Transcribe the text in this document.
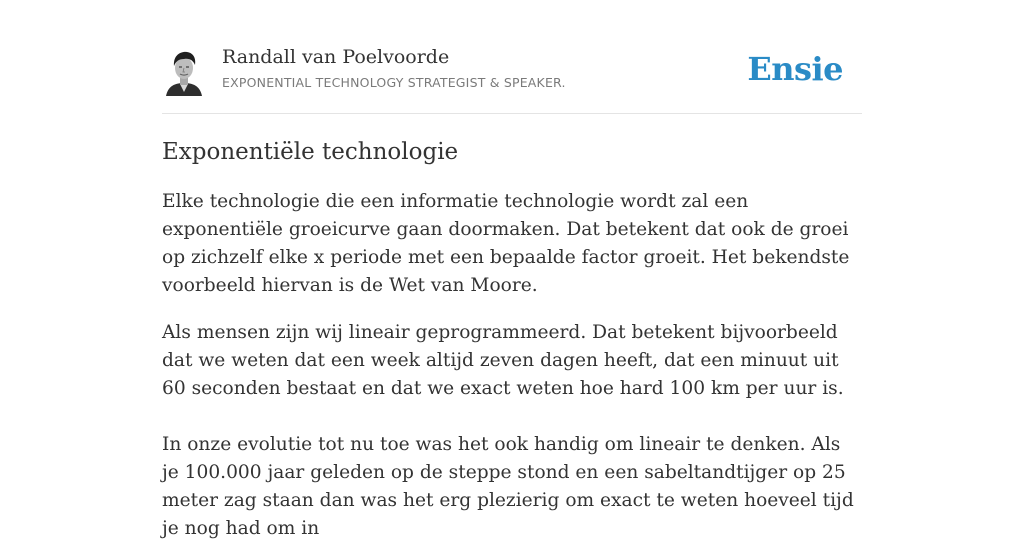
Randall van Poelvoorde
EXPONENTIAL TECHNOLOGY STRATEGIST & SPEAKER.	Ensie
Exponentiële technologie

Elke technologie die een informatie technologie wordt zal een exponentiële groeicurve gaan doormaken. Dat betekent dat ook de groei op zichzelf elke x periode met een bepaalde factor groeit. Het bekendste voorbeeld hiervan is de Wet van Moore.

Als mensen zijn wij lineair geprogrammeerd. Dat betekent bijvoorbeeld dat we weten dat een week altijd zeven dagen heeft, dat een minuut uit 60 seconden bestaat en dat we exact weten hoe hard 100 km per uur is.

In onze evolutie tot nu toe was het ook handig om lineair te denken. Als je 100.000 jaar geleden op de steppe stond en een sabeltandtijger op 25 meter zag staan dan was het erg plezierig om exact te weten hoeveel tijd je nog had om in
